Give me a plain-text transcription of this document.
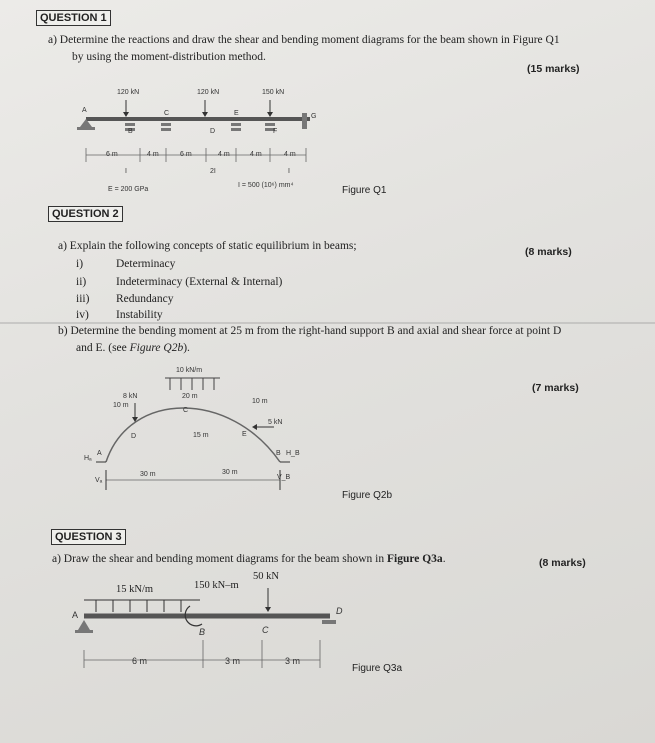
QUESTION 1
a) Determine the reactions and draw the shear and bending moment diagrams for the beam shown in Figure Q1
by using the moment-distribution method.
(15 marks)
120 kN	120 kN	150 kN
A
B
C
D
E
F
G
6 m	4 m	6 m	4 m	4 m	4 m
I	2I	I
E = 200 GPa
I = 500 (10⁶) mm⁴	Figure Q1
QUESTION 2
a) Explain the following concepts of static equilibrium in beams;	(8 marks)
i)	Determinacy
ii)	Indeterminacy (External & Internal)
iii) Redundancy
iv) Instability
b) Determine the bending moment at 25 m from the right-hand support B and axial and shear force at point D
and E. (see Figure Q2b).
(7 marks)
10 kN/m
8 kN
10 m
20 m
10 m
15 m
30 m	30 m
5 kN
A	B
C
D	E
Hₐ
Vₐ
H_B
V_B
Figure Q2b
QUESTION 3
a) Draw the shear and bending moment diagrams for the beam shown in Figure Q3a.	(8 marks)
15 kN/m	150 kN–m
50 kN
A
B	C
D
6 m	3 m	3 m
Figure Q3a
